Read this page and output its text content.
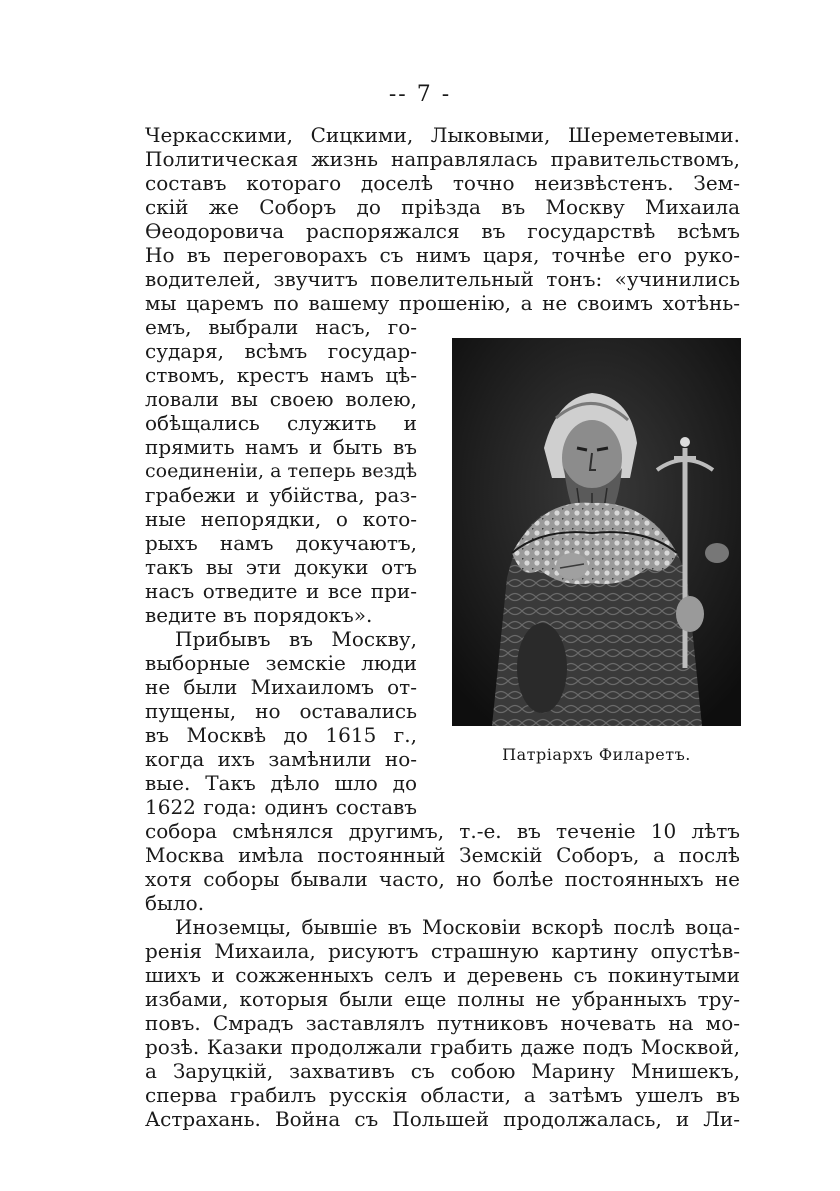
-- 7 -
Черкасскими, Сицкими, Лыковыми, Шереметевыми.
Политическая жизнь направлялась правительствомъ,
составъ котораго доселѣ точно неизвѣстенъ. Зем-
скій же Соборъ до пріѣзда въ Москву Михаила
Ѳеодоровича распоряжался въ государствѣ всѣмъ
Но въ переговорахъ съ нимъ царя, точнѣе его руко-
водителей, звучитъ повелительный тонъ: «учинились
мы царемъ по вашему прошенію, а не своимъ хотѣнь-
емъ, выбрали насъ, го-
сударя, всѣмъ государ-
ствомъ, крестъ намъ цѣ-
ловали вы своею волею,
обѣщались служить и
прямить намъ и быть въ
соединеніи, а теперь вездѣ
грабежи и убійства, раз-
ные непорядки, о кото-
рыхъ намъ докучаютъ,
такъ вы эти докуки отъ
насъ отведите и все при-
ведите въ порядокъ».
Прибывъ въ Москву,
выборные земскіе люди
не были Михаиломъ от-
пущены, но оставались
въ Москвѣ до 1615 г.,
когда ихъ замѣнили но-
вые. Такъ дѣло шло до
1622 года: одинъ составъ
Патріархъ Филаретъ.
собора смѣнялся другимъ, т.-е. въ теченіе 10 лѣтъ
Москва имѣла постоянный Земскій Соборъ, а послѣ
хотя соборы бывали часто, но болѣе постоянныхъ не
было.
Иноземцы, бывшіе въ Московіи вскорѣ послѣ воца-
ренія Михаила, рисуютъ страшную картину опустѣв-
шихъ и сожженныхъ селъ и деревень съ покинутыми
избами, которыя были еще полны не убранныхъ тру-
повъ. Смрадъ заставлялъ путниковъ ночевать на мо-
розѣ. Казаки продолжали грабить даже подъ Москвой,
а Заруцкій, захвативъ съ собою Марину Мнишекъ,
сперва грабилъ русскія области, а затѣмъ ушелъ въ
Астрахань. Война съ Польшей продолжалась, и Ли-
